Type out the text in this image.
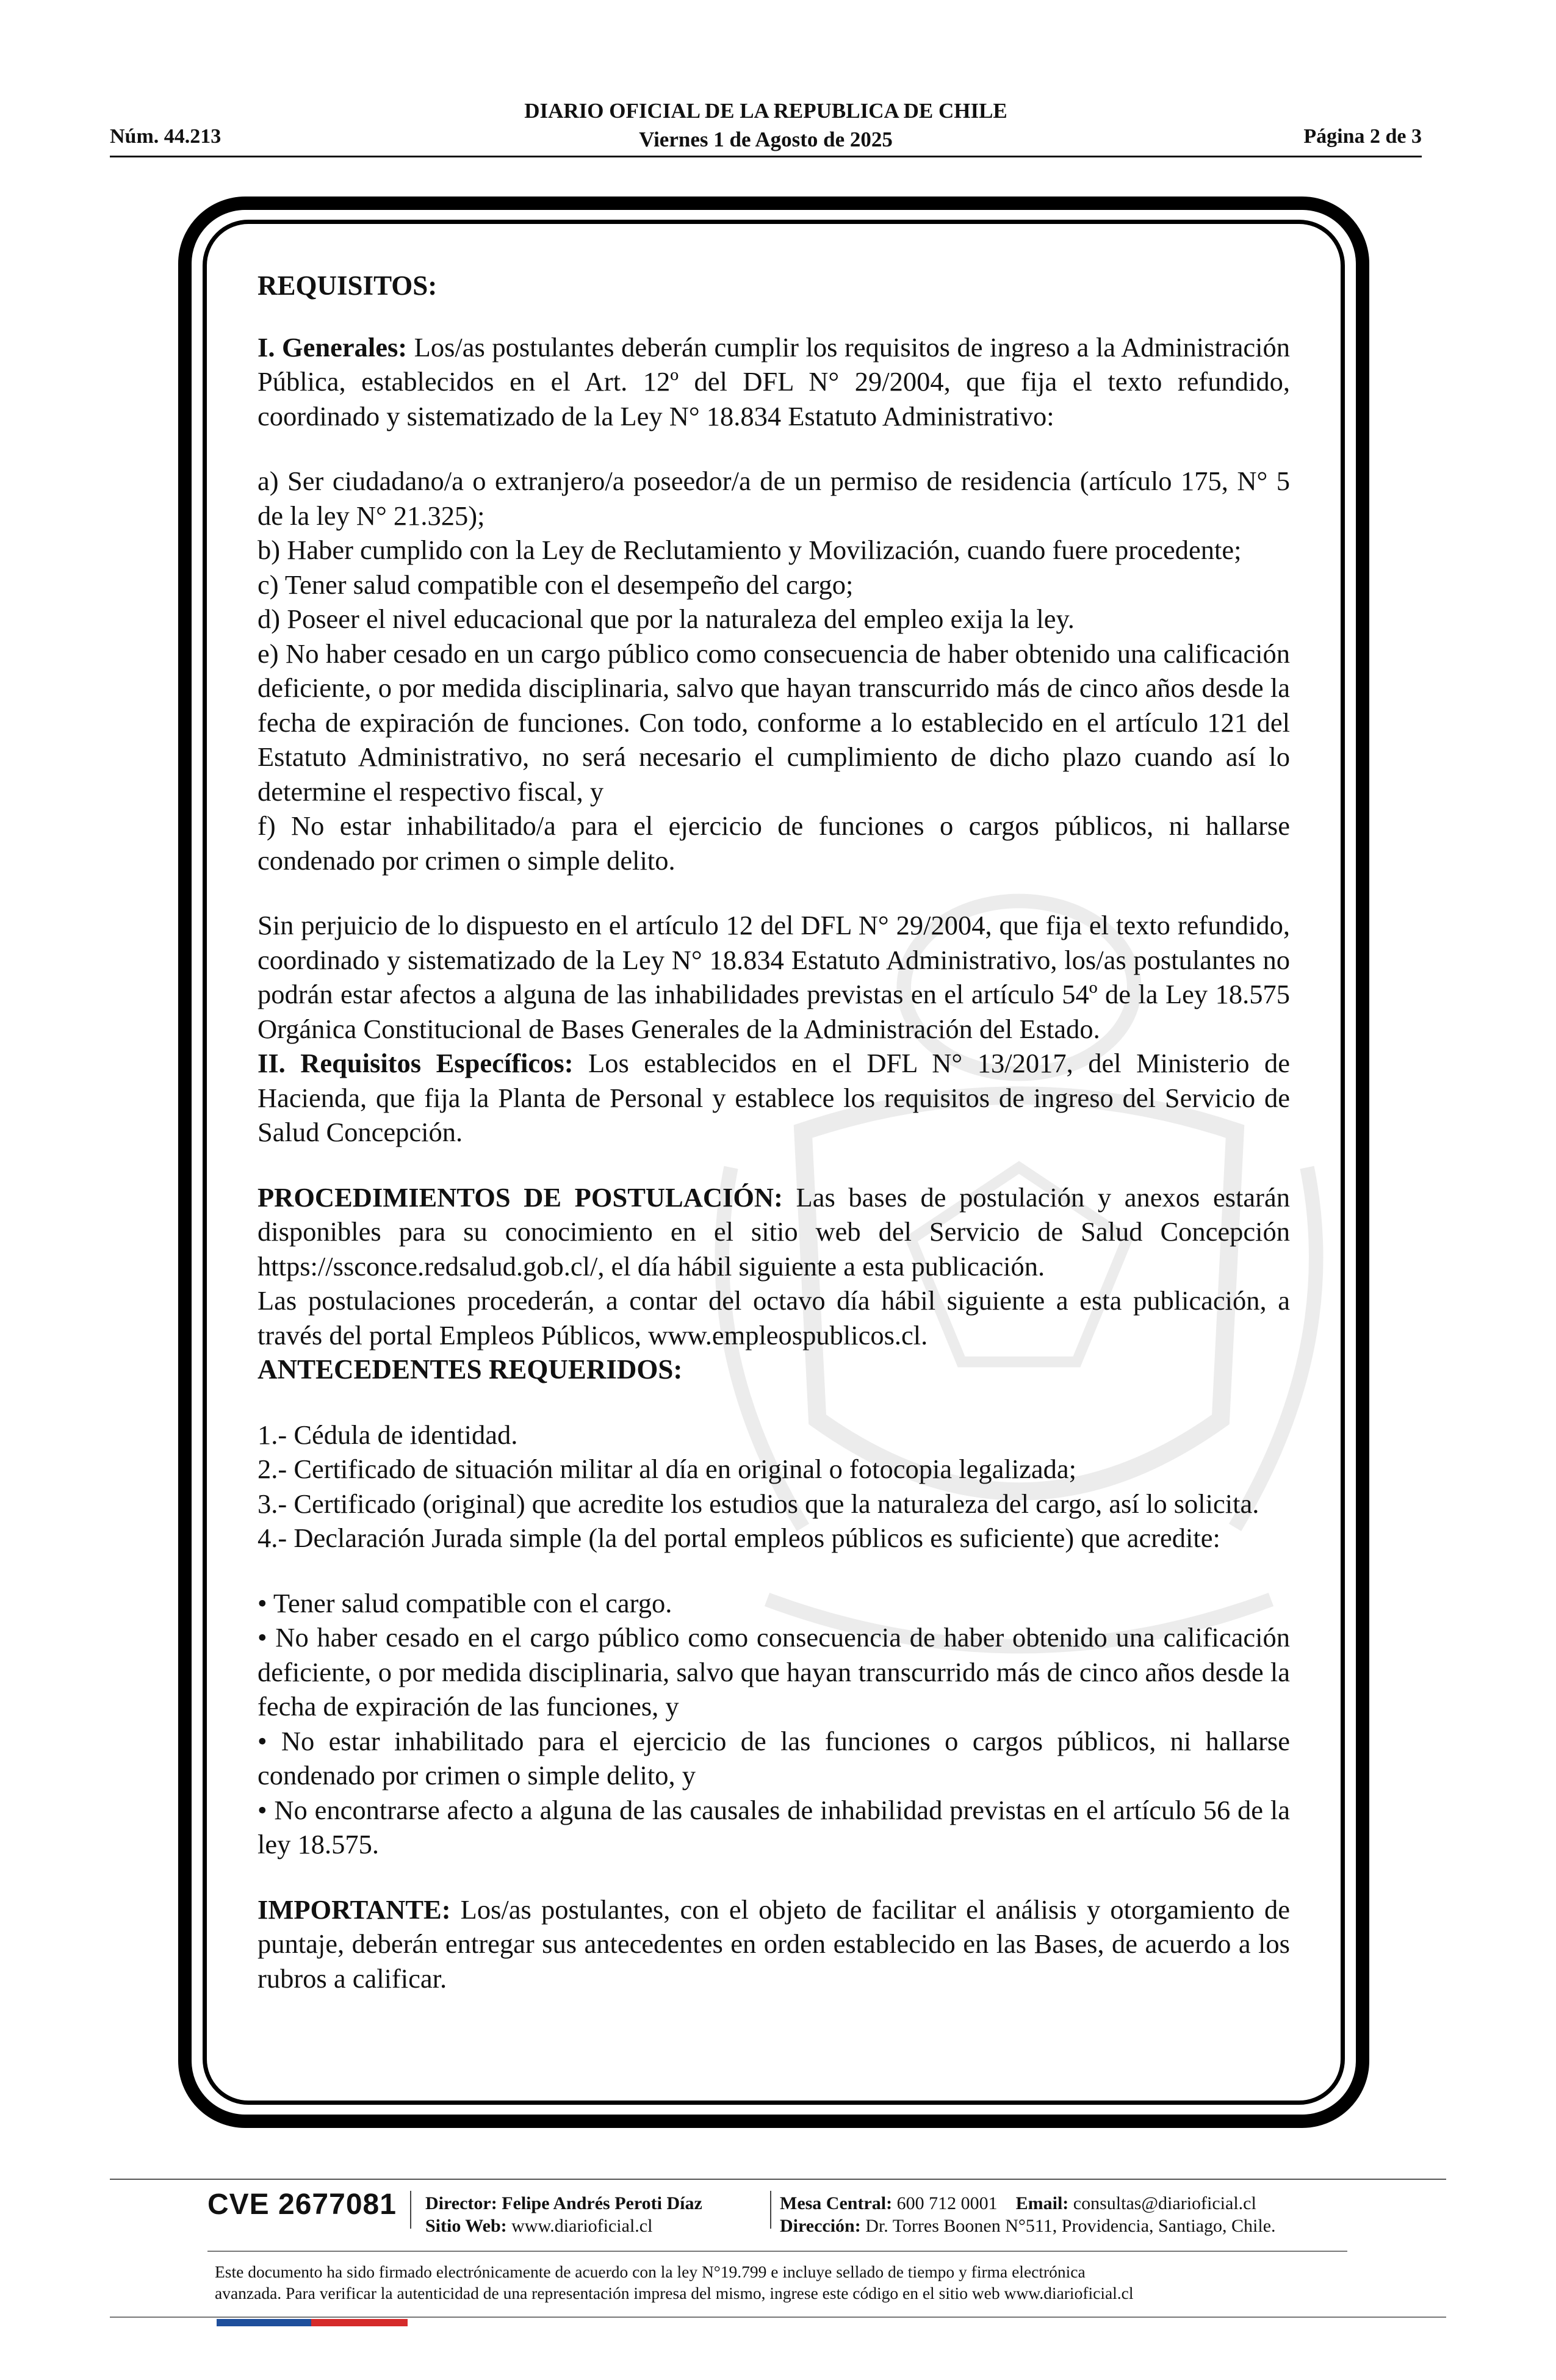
Núm. 44.213
DIARIO OFICIAL DE LA REPUBLICA DE CHILE
Viernes 1 de Agosto de 2025	Página 2 de 3

REQUISITOS:

I. Generales: Los/as postulantes deberán cumplir los requisitos de ingreso a la Administración Pública, establecidos en el Art. 12º del DFL N° 29/2004, que fija el texto refundido, coordinado y sistematizado de la Ley N° 18.834 Estatuto Administrativo:

a) Ser ciudadano/a o extranjero/a poseedor/a de un permiso de residencia (artículo 175, N° 5 de la ley N° 21.325);

b) Haber cumplido con la Ley de Reclutamiento y Movilización, cuando fuere procedente;

c) Tener salud compatible con el desempeño del cargo;

d) Poseer el nivel educacional que por la naturaleza del empleo exija la ley.

e) No haber cesado en un cargo público como consecuencia de haber obtenido una calificación deficiente, o por medida disciplinaria, salvo que hayan transcurrido más de cinco años desde la fecha de expiración de funciones. Con todo, conforme a lo establecido en el artículo 121 del Estatuto Administrativo, no será necesario el cumplimiento de dicho plazo cuando así lo determine el respectivo fiscal, y

f) No estar inhabilitado/a para el ejercicio de funciones o cargos públicos, ni hallarse condenado por crimen o simple delito.

Sin perjuicio de lo dispuesto en el artículo 12 del DFL N° 29/2004, que fija el texto refundido, coordinado y sistematizado de la Ley N° 18.834 Estatuto Administrativo, los/as postulantes no podrán estar afectos a alguna de las inhabilidades previstas en el artículo 54º de la Ley 18.575 Orgánica Constitucional de Bases Generales de la Administración del Estado.

II. Requisitos Específicos: Los establecidos en el DFL N° 13/2017, del Ministerio de Hacienda, que fija la Planta de Personal y establece los requisitos de ingreso del Servicio de Salud Concepción.

PROCEDIMIENTOS DE POSTULACIÓN: Las bases de postulación y anexos estarán disponibles para su conocimiento en el sitio web del Servicio de Salud Concepción https://ssconce.redsalud.gob.cl/, el día hábil siguiente a esta publicación.

Las postulaciones procederán, a contar del octavo día hábil siguiente a esta publicación, a través del portal Empleos Públicos, www.empleospublicos.cl.

ANTECEDENTES REQUERIDOS:

1.- Cédula de identidad.

2.- Certificado de situación militar al día en original o fotocopia legalizada;

3.- Certificado (original) que acredite los estudios que la naturaleza del cargo, así lo solicita.

4.- Declaración Jurada simple (la del portal empleos públicos es suficiente) que acredite:

• Tener salud compatible con el cargo.

• No haber cesado en el cargo público como consecuencia de haber obtenido una calificación deficiente, o por medida disciplinaria, salvo que hayan transcurrido más de cinco años desde la fecha de expiración de las funciones, y

• No estar inhabilitado para el ejercicio de las funciones o cargos públicos, ni hallarse condenado por crimen o simple delito, y

• No encontrarse afecto a alguna de las causales de inhabilidad previstas en el artículo 56 de la ley 18.575.

IMPORTANTE: Los/as postulantes, con el objeto de facilitar el análisis y otorgamiento de puntaje, deberán entregar sus antecedentes en orden establecido en las Bases, de acuerdo a los rubros a calificar.

CVE 2677081 Director: Felipe Andrés Peroti Díaz
Sitio Web: www.diarioficial.cl
Mesa Central: 600 712 0001 Email: consultas@diarioficial.cl
Dirección: Dr. Torres Boonen N°511, Providencia, Santiago, Chile.

Este documento ha sido firmado electrónicamente de acuerdo con la ley N°19.799 e incluye sellado de tiempo y firma electrónica

avanzada. Para verificar la autenticidad de una representación impresa del mismo, ingrese este código en el sitio web www.diarioficial.cl
